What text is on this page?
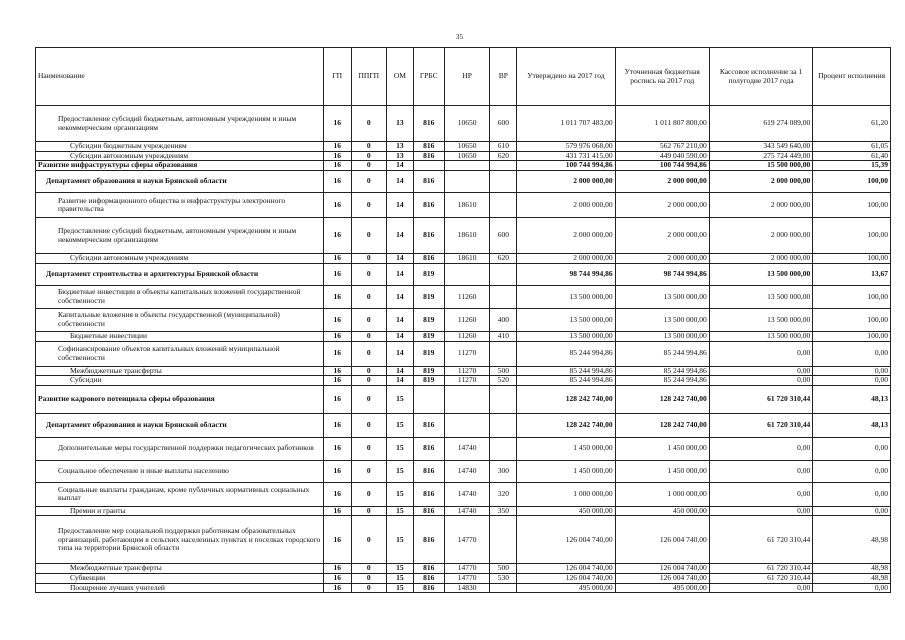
35
Наименование	ГП	ППГП	ОМ	ГРБС	НР	ВР	Утверждено на 2017 год	Уточненная бюджетная роспись на 2017 год	Кассовое исполнение за 1 полугодие 2017 года	Процент исполнения
Предоставление субсидий бюджетным, автономным учреждениям и иным некоммерческим организациям	16	0	13	816	10650	600	1 011 707 483,00	1 011 807 800,00	619 274 089,00	61,20
Субсидии бюджетным учреждениям	16	0	13	816	10650	610	579 976 068,00	562 767 210,00	343 549 640,00	61,05
Субсидии автономным учреждениям	16	0	13	816	10650	620	431 731 415,00	449 040 590,00	275 724 449,00	61,40
Развитие инфраструктуры сферы образования	16	0	14				100 744 994,86	100 744 994,86	15 500 000,00	15,39
Департамент образования и науки Брянской области	16	0	14	816			2 000 000,00	2 000 000,00	2 000 000,00	100,00
Развитие информационного общества и инфраструктуры электронного правительства	16	0	14	816	18610		2 000 000,00	2 000 000,00	2 000 000,00	100,00
Предоставление субсидий бюджетным, автономным учреждениям и иным некоммерческим организациям	16	0	14	816	18610	600	2 000 000,00	2 000 000,00	2 000 000,00	100,00
Субсидии автономным учреждениям	16	0	14	816	18610	620	2 000 000,00	2 000 000,00	2 000 000,00	100,00
Департамент строительства и архитектуры Брянской области	16	0	14	819			98 744 994,86	98 744 994,86	13 500 000,00	13,67
Бюджетные инвестиции в объекты капитальных вложений государственной собственности	16	0	14	819	11260		13 500 000,00	13 500 000,00	13 500 000,00	100,00
Капитальные вложения в объекты государственной (муниципальной) собственности	16	0	14	819	11260	400	13 500 000,00	13 500 000,00	13 500 000,00	100,00
Бюджетные инвестиции	16	0	14	819	11260	410	13 500 000,00	13 500 000,00	13 500 000,00	100,00
Софинансирование объектов капитальных вложений муниципальной собственности	16	0	14	819	11270		85 244 994,86	85 244 994,86	0,00	0,00
Межбюджетные трансферты	16	0	14	819	11270	500	85 244 994,86	85 244 994,86	0,00	0,00
Субсидии	16	0	14	819	11270	520	85 244 994,86	85 244 994,86	0,00	0,00
Развитие кадрового потенциала сферы образования	16	0	15				128 242 740,00	128 242 740,00	61 720 310,44	48,13
Департамент образования и науки Брянской области	16	0	15	816			128 242 740,00	128 242 740,00	61 720 310,44	48,13
Дополнительные меры государственной поддержки педагогических работников	16	0	15	816	14740		1 450 000,00	1 450 000,00	0,00	0,00
Социальное обеспечение и иные выплаты населению	16	0	15	816	14740	300	1 450 000,00	1 450 000,00	0,00	0,00
Социальные выплаты гражданам, кроме публичных нормативных социальных выплат	16	0	15	816	14740	320	1 000 000,00	1 000 000,00	0,00	0,00
Премии и гранты	16	0	15	816	14740	350	450 000,00	450 000,00	0,00	0,00
Предоставление мер социальной поддержки работникам образовательных организаций, работающим в сельских населенных пунктах и поселках городского типа на территории Брянской области	16	0	15	816	14770		126 004 740,00	126 004 740,00	61 720 310,44	48,98
Межбюджетные трансферты	16	0	15	816	14770	500	126 004 740,00	126 004 740,00	61 720 310,44	48,98
Субвенции	16	0	15	816	14770	530	126 004 740,00	126 004 740,00	61 720 310,44	48,98
Поощрение лучших учителей	16	0	15	816	14830		495 000,00	495 000,00	0,00	0,00
